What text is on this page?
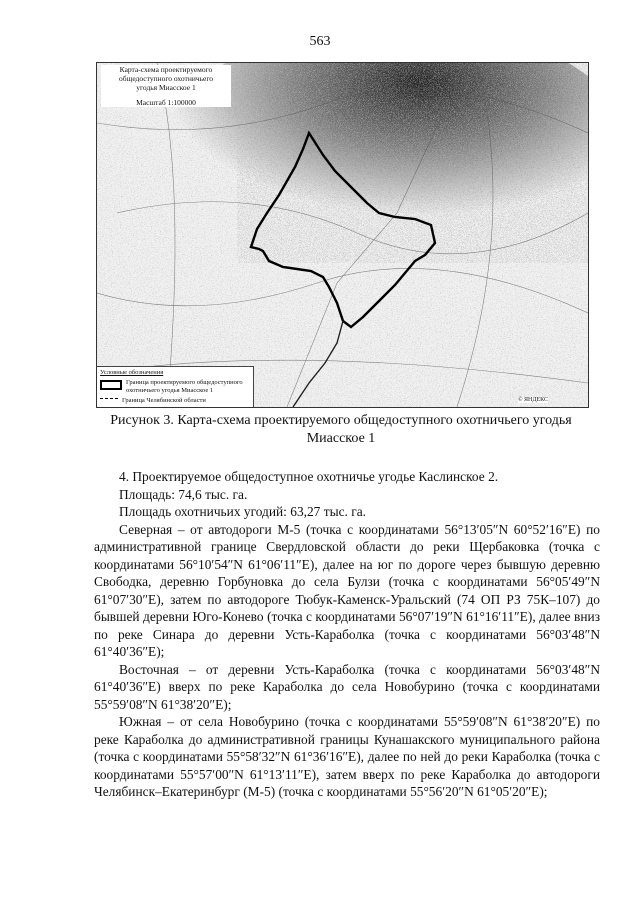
563
Карта-схема проектируемого
общедоступного охотничьего
угодья Миасское 1
Масштаб 1:100000
Условные обозначения
Граница проектируемого общедоступного охотничьего угодья Миасское 1
Граница Челябинской области	© ЯНДЕКС
Рисунок 3. Карта-схема проектируемого общедоступного охотничьего угодья
Миасское 1

4. Проектируемое общедоступное охотничье угодье Каслинское 2.

Площадь: 74,6 тыс. га.

Площадь охотничьих угодий: 63,27 тыс. га.

Северная – от автодороги М-5 (точка с координатами 56°13′05″N 60°52′16″E) по административной границе Свердловской области до реки Щербаковка (точка с координатами 56°10′54″N 61°06′11″E), далее на юг по дороге через бывшую деревню Свободка, деревню Горбуновка до села Булзи (точка с координатами 56°05′49″N 61°07′30″E), затем по автодороге Тюбук-Каменск-Уральский (74 ОП РЗ 75К–107) до бывшей деревни Юго-Конево (точка с координатами 56°07′19″N 61°16′11″E), далее вниз по реке Синара до деревни Усть-Караболка (точка с координатами 56°03′48″N 61°40′36″E);

Восточная – от деревни Усть-Караболка (точка с координатами 56°03′48″N 61°40′36″E) вверх по реке Караболка до села Новобурино (точка с координатами 55°59′08″N 61°38′20″E);

Южная – от села Новобурино (точка с координатами 55°59′08″N 61°38′20″E) по реке Караболка до административной границы Кунашакского муниципального района (точка с координатами 55°58′32″N 61°36′16″E), далее по ней до реки Караболка (точка с координатами 55°57′00″N 61°13′11″E), затем вверх по реке Караболка до автодороги Челябинск–Екатеринбург (М-5) (точка с координатами 55°56′20″N 61°05′20″E);
